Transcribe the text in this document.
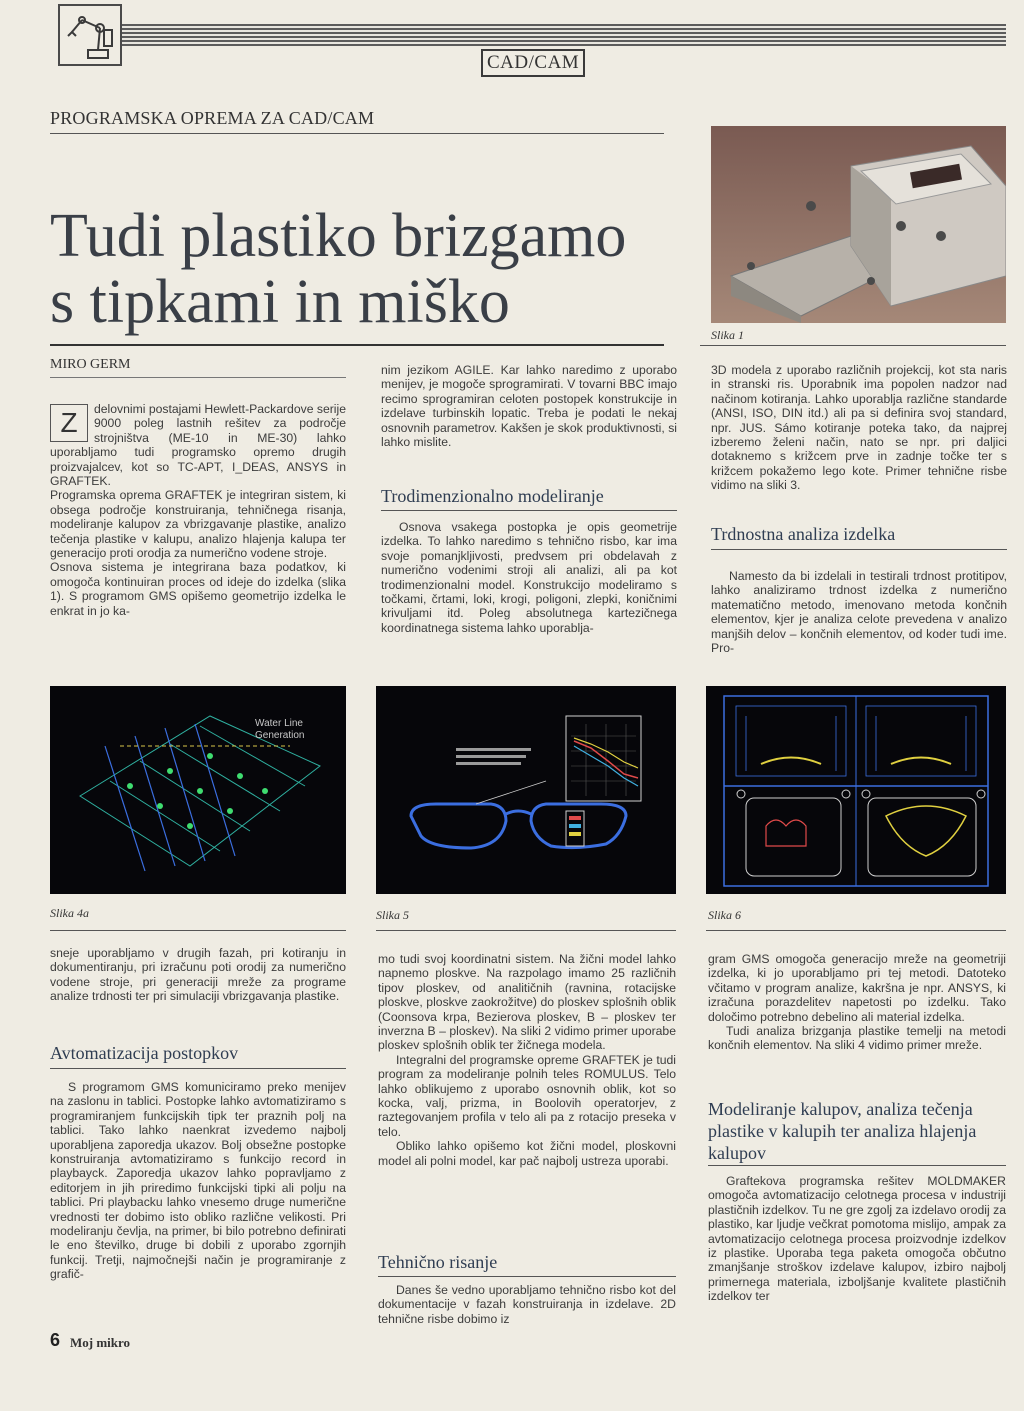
CAD/CAM
PROGRAMSKA OPREMA ZA CAD/CAM
Tudi plastiko brizgamo
s tipkami in miško	Slika 1
MIRO GERM
Z	delovnimi postajami Hewlett-Packardove serije 9000 poleg lastnih rešitev za področje strojništva (ME-10 in ME-30) lahko uporabljamo tudi programsko opremo drugih proizvajalcev, kot so TC-APT, I_DEAS, ANSYS in GRAFTEK.

Programska oprema GRAFTEK je integriran sistem, ki obsega področje konstruiranja, tehničnega risanja, modeliranje kalupov za vbrizgavanje plastike, analizo tečenja plastike v kalupu, analizo hlajenja kalupa ter generacijo proti orodja za numerično vodene stroje.

Osnova sistema je integrirana baza podatkov, ki omogoča kontinuiran proces od ideje do izdelka (slika 1). S programom GMS opišemo geometrijo izdelka le enkrat in jo ka-

nim jezikom AGILE. Kar lahko naredimo z uporabo menijev, je mogoče sprogramirati. V tovarni BBC imajo recimo sprogramiran celoten postopek konstrukcije in izdelave turbinskih lopatic. Treba je podati le nekaj osnovnih parametrov. Kakšen je skok produktivnosti, si lahko mislite.

Trodimenzionalno modeliranje

Osnova vsakega postopka je opis geometrije izdelka. To lahko naredimo s tehnično risbo, kar ima svoje pomanjkljivosti, predvsem pri obdelavah z numerično vodenimi stroji ali analizi, ali pa kot trodimenzionalni model. Konstrukcijo modeliramo s točkami, črtami, loki, krogi, poligoni, zlepki, koničnimi krivuljami itd. Poleg absolutnega kartezičnega koordinatnega sistema lahko uporablja-

3D modela z uporabo različnih projekcij, kot sta naris in stranski ris. Uporabnik ima popolen nadzor nad načinom kotiranja. Lahko uporablja različne standarde (ANSI, ISO, DIN itd.) ali pa si definira svoj standard, npr. JUS. Sámo kotiranje poteka tako, da najprej izberemo želeni način, nato se npr. pri daljici dotaknemo s križcem prve in zadnje točke ter s križcem pokažemo lego kote. Primer tehnične risbe vidimo na sliki 3.

Trdnostna analiza izdelka

Namesto da bi izdelali in testirali trdnost protitipov, lahko analiziramo trdnost izdelka z numerično matematično metodo, imenovano metoda končnih elementov, kjer je analiza celote prevedena v analizo manjših delov – končnih elementov, od koder tudi ime. Pro-

Water Line
Generation
Slika 4a	Slika 5	Slika 6

sneje uporabljamo v drugih fazah, pri kotiranju in dokumentiranju, pri izračunu poti orodij za numerično vodene stroje, pri generaciji mreže za programe analize trdnosti ter pri simulaciji vbrizgavanja plastike.

Avtomatizacija postopkov

S programom GMS komuniciramo preko menijev na zaslonu in tablici. Postopke lahko avtomatiziramo s programiranjem funkcijskih tipk ter praznih polj na tablici. Tako lahko naenkrat izvedemo najbolj uporabljena zaporedja ukazov. Bolj obsežne postopke konstruiranja avtomatiziramo s funkcijo record in playbayck. Zaporedja ukazov lahko popravljamo z editorjem in jih priredimo funkcijski tipki ali polju na tablici. Pri playbacku lahko vnesemo druge numerične vrednosti ter dobimo isto obliko različne velikosti. Pri modeliranju čevlja, na primer, bi bilo potrebno definirati le eno številko, druge bi dobili z uporabo zgornjih funkcij. Tretji, najmočnejši način je programiranje z grafič-

mo tudi svoj koordinatni sistem. Na žični model lahko napnemo ploskve. Na razpolago imamo 25 različnih tipov ploskev, od analitičnih (ravnina, rotacijske ploskve, ploskve zaokrožitve) do ploskev splošnih oblik (Coonsova krpa, Bezierova ploskev, B – ploskev ter inverzna B – ploskev). Na sliki 2 vidimo primer uporabe ploskev splošnih oblik ter žičnega modela.

Integralni del programske opreme GRAFTEK je tudi program za modeliranje polnih teles ROMULUS. Telo lahko oblikujemo z uporabo osnovnih oblik, kot so kocka, valj, prizma, in Boolovih operatorjev, z raztegovanjem profila v telo ali pa z rotacijo preseka v telo.

Obliko lahko opišemo kot žični model, ploskovni model ali polni model, kar pač najbolj ustreza uporabi.

Tehnično risanje

Danes še vedno uporabljamo tehnično risbo kot del dokumentacije v fazah konstruiranja in izdelave. 2D tehnične risbe dobimo iz

gram GMS omogoča generacijo mreže na geometriji izdelka, ki jo uporabljamo pri tej metodi. Datoteko včitamo v program analize, kakršna je npr. ANSYS, ki izračuna porazdelitev napetosti po izdelku. Tako določimo potrebno debelino ali material izdelka.

Tudi analiza brizganja plastike temelji na metodi končnih elementov. Na sliki 4 vidimo primer mreže.

Modeliranje kalupov, analiza tečenja plastike v kalupih ter analiza hlajenja kalupov

Graftekova programska rešitev MOLDMAKER omogoča avtomatizacijo celotnega procesa v industriji plastičnih izdelkov. Tu ne gre zgolj za izdelavo orodij za plastiko, kar ljudje večkrat pomotoma mislijo, ampak za avtomatizacijo celotnega procesa proizvodnje izdelkov iz plastike. Uporaba tega paketa omogoča občutno zmanjšanje stroškov izdelave kalupov, izbiro najbolj primernega materiala, izboljšanje kvalitete plastičnih izdelkov ter

6 Moj mikro
